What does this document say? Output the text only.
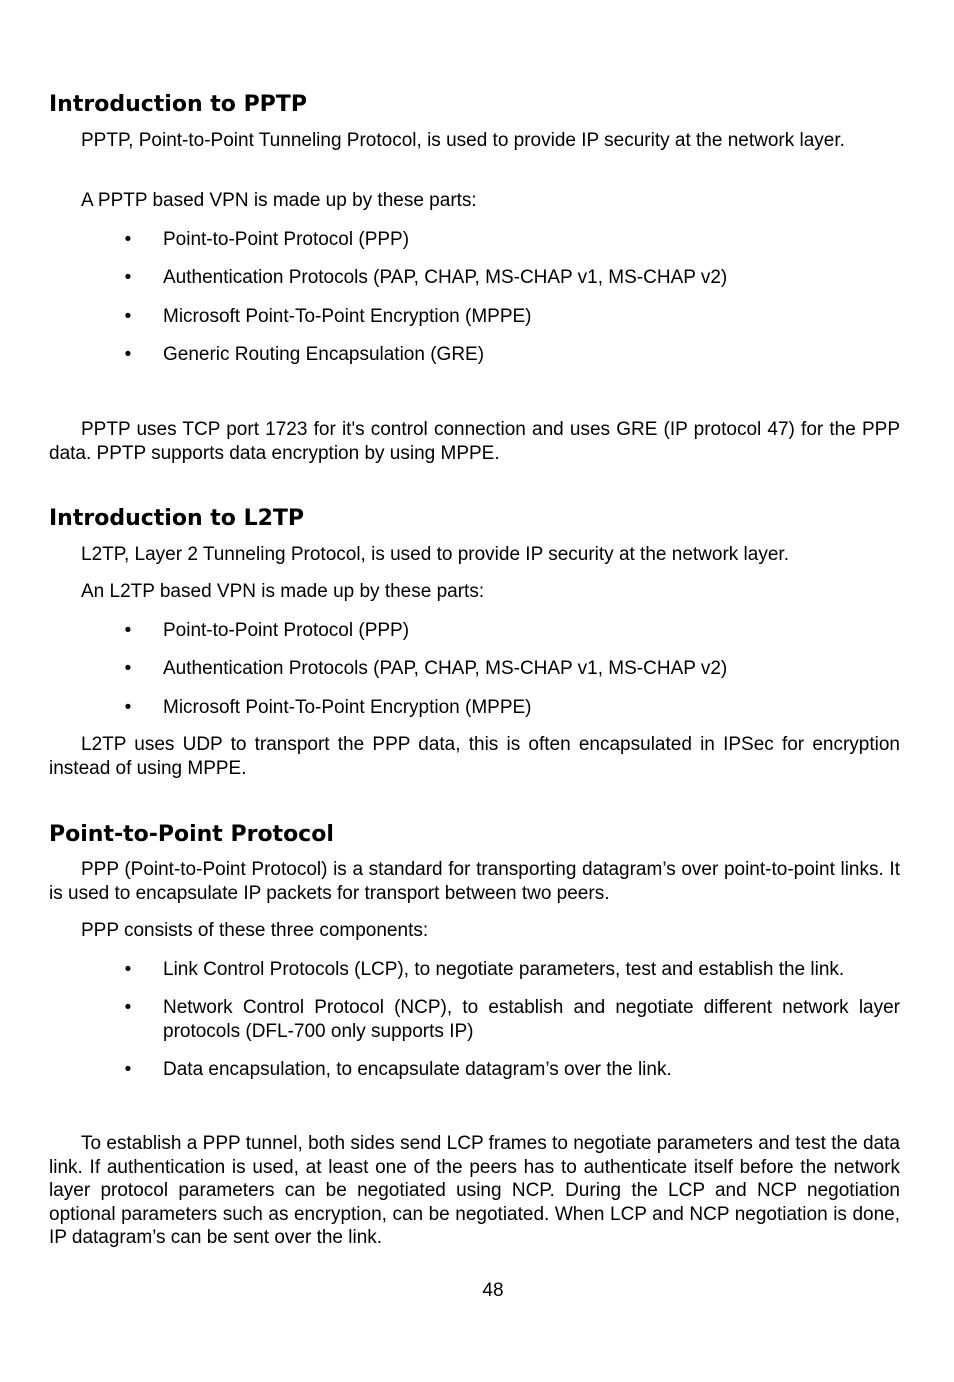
Introduction to PPTP

PPTP, Point-to-Point Tunneling Protocol, is used to provide IP security at the network layer.

A PPTP based VPN is made up by these parts:

• Point-to-Point Protocol (PPP)

• Authentication Protocols (PAP, CHAP, MS-CHAP v1, MS-CHAP v2)

• Microsoft Point-To-Point Encryption (MPPE)

• Generic Routing Encapsulation (GRE)

PPTP uses TCP port 1723 for it's control connection and uses GRE (IP protocol 47) for the PPP data. PPTP supports data encryption by using MPPE.

Introduction to L2TP

L2TP, Layer 2 Tunneling Protocol, is used to provide IP security at the network layer.

An L2TP based VPN is made up by these parts:

• Point-to-Point Protocol (PPP)

• Authentication Protocols (PAP, CHAP, MS-CHAP v1, MS-CHAP v2)

• Microsoft Point-To-Point Encryption (MPPE)

L2TP uses UDP to transport the PPP data, this is often encapsulated in IPSec for encryption instead of using MPPE.

Point-to-Point Protocol

PPP (Point-to-Point Protocol) is a standard for transporting datagram’s over point-to-point links. It is used to encapsulate IP packets for transport between two peers.

PPP consists of these three components:

• Link Control Protocols (LCP), to negotiate parameters, test and establish the link.

• Network Control Protocol (NCP), to establish and negotiate different network layer protocols (DFL-700 only supports IP)

• Data encapsulation, to encapsulate datagram’s over the link.

To establish a PPP tunnel, both sides send LCP frames to negotiate parameters and test the data link. If authentication is used, at least one of the peers has to authenticate itself before the network layer protocol parameters can be negotiated using NCP. During the LCP and NCP negotiation optional parameters such as encryption, can be negotiated. When LCP and NCP negotiation is done, IP datagram’s can be sent over the link.

48
